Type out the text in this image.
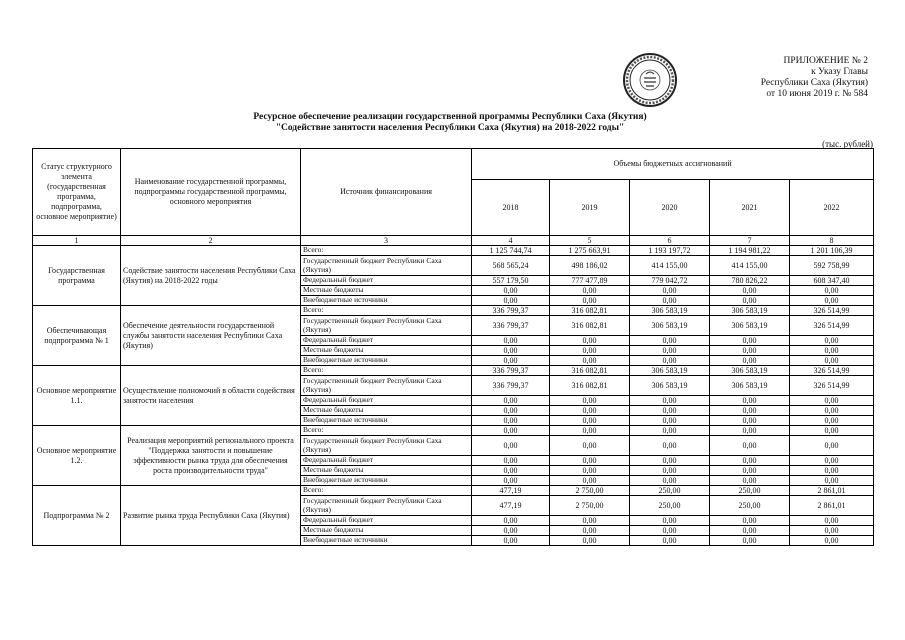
ПРИЛОЖЕНИЕ № 2
к Указу Главы
Республики Саха (Якутия)
от 10 июня 2019 г. № 584
Ресурсное обеспечение реализации государственной программы Республики Саха (Якутия)
"Содействие занятости населения Республики Саха (Якутия) на 2018-2022 годы"
(тыс. рублей)
Статус структурного элемента (государственная программа, подпрограмма, основное мероприятие)	Наименование государственной программы, подпрограммы государственной программы, основного мероприятия	Источник финансирования	Объемы бюджетных ассигнований				
			2018	2019	2020	2021	2022
1	2	3	4	5	6	7	8
Государственная программа	Содействие занятости населения Республики Саха (Якутия) на 2018-2022 годы	Всего:	1 125 744,74	1 275 663,91	1 193 197,72	1 194 981,22	1 201 106,39
		Государственный бюджет Республики Саха (Якутия)	568 565,24	498 186,02	414 155,00	414 155,00	592 758,99
		Федеральный бюджет	557 179,50	777 477,89	779 042,72	780 826,22	608 347,40
		Местные бюджеты	0,00	0,00	0,00	0,00	0,00
		Внебюджетные источники	0,00	0,00	0,00	0,00	0,00
Обеспечивающая подпрограмма № 1	Обеспечение деятельности государственной службы занятости населения Республики Саха (Якутия)	Всего:	336 799,37	316 082,81	306 583,19	306 583,19	326 514,99
		Государственный бюджет Республики Саха (Якутия)	336 799,37	316 082,81	306 583,19	306 583,19	326 514,99
		Федеральный бюджет	0,00	0,00	0,00	0,00	0,00
		Местные бюджеты	0,00	0,00	0,00	0,00	0,00
		Внебюджетные источники	0,00	0,00	0,00	0,00	0,00
Основное мероприятие 1.1.	Осуществление полномочий в области содействия занятости населения	Всего:	336 799,37	316 082,81	306 583,19	306 583,19	326 514,99
		Государственный бюджет Республики Саха (Якутия)	336 799,37	316 082,81	306 583,19	306 583,19	326 514,99
		Федеральный бюджет	0,00	0,00	0,00	0,00	0,00
		Местные бюджеты	0,00	0,00	0,00	0,00	0,00
		Внебюджетные источники	0,00	0,00	0,00	0,00	0,00
Основное мероприятие 1.2.	Реализация мероприятий регионального проекта "Поддержка занятости и повышение эффективности рынка труда для обеспечения роста производительности труда"	Всего:	0,00	0,00	0,00	0,00	0,00
		Государственный бюджет Республики Саха (Якутия)	0,00	0,00	0,00	0,00	0,00
		Федеральный бюджет	0,00	0,00	0,00	0,00	0,00
		Местные бюджеты	0,00	0,00	0,00	0,00	0,00
		Внебюджетные источники	0,00	0,00	0,00	0,00	0,00
Подпрограмма № 2	Развитие рынка труда Республики Саха (Якутия)	Всего:	477,19	2 750,00	250,00	250,00	2 861,01
		Государственный бюджет Республики Саха (Якутия)	477,19	2 750,00	250,00	250,00	2 861,01
		Федеральный бюджет	0,00	0,00	0,00	0,00	0,00
		Местные бюджеты	0,00	0,00	0,00	0,00	0,00
		Внебюджетные источники	0,00	0,00	0,00	0,00	0,00
